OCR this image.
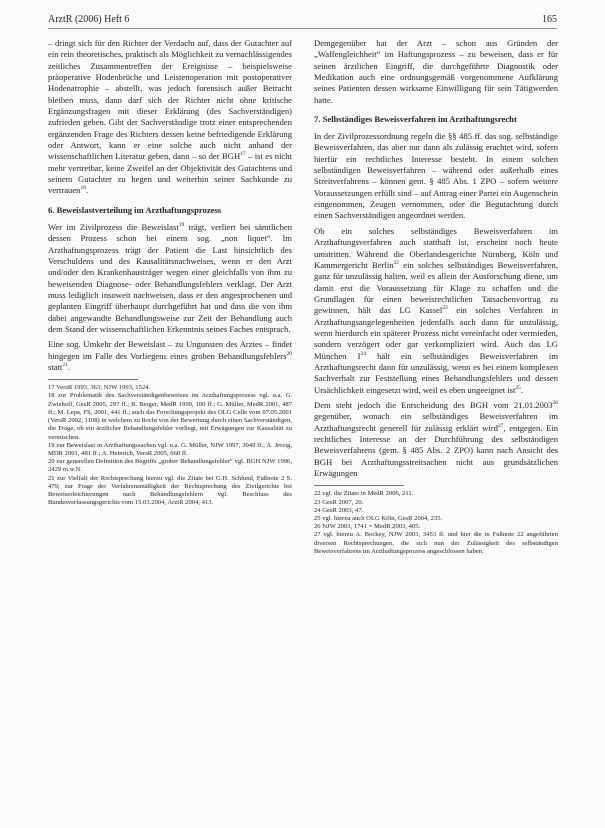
ArztR (2006) Heft 6	165

– dringt sich für den Richter der Verdacht auf, dass der Gutachter auf ein rein theoretisches, praktisch als Möglichkeit zu vernachlässigendes zeitliches Zusammentreffen der Ereignisse – beispielsweise präoperative Hodenbrüche und Leistenoperation mit postoperativer Hodenatrophie – abstellt, was jedoch forensisch außer Betracht bleiben muss, dann darf sich der Richter nicht ohne kritische Ergänzungsfragen mit dieser Erklärung (des Sachverständigen) zufrieden geben. Gibt der Sachverständige trotz einer entsprechenden ergänzenden Frage des Richters dessen keine befriedigende Erklärung oder Antwort, kann er eine solche auch nicht anhand der wissenschaftlichen Literatur geben, dann – so der BGH$^{17}$ – ist es nicht mehr vertretbar, keine Zweifel an der Objektivität des Gutachtens und seinem Gutachter zu hegen und weiterhin seiner Sachkunde zu vertrauen$^{18}$.

6. Beweislastverteilung im Arzthaftungsprozess

Wer im Zivilprozess die Beweislast$^{19}$ trägt, verliert bei sämtlichen dessen Prozess schon bei einem sog. „non liquet“. Im Arzthaftungsprozess trägt der Patient die Last hinsichtlich des Verschuldens und des Kausalitätsnachweises, wenn er den Arzt und/oder den Krankenhausträger wegen einer gleichfalls von ihm zu beweisenden Diagnose- oder Behandlungsfehlers verklagt. Der Arzt muss lediglich insoweit nachweisen, dass er den angesprochenen und geplanten Eingriff überhaupt durchgeführt hat und dass die von ihm dabei angewandte Behandlungsweise zur Zeit der Behandlung auch dem Stand der wissenschaftlichen Erkenntnis seines Faches entsprach.

Eine sog. Umkehr der Beweislast – zu Ungunsten des Arztes – findet hingegen im Falle des Vorliegens eines groben Behandlungsfehlers$^{20}$ statt$^{21}$.

17 VersR 1993, 363; NJW 1993, 1524.

18 zur Problematik des Sachverständigenbeweises im Arzthaftungsprozess vgl. u.a. G. Zwiehoff, GesR 2005, 297 ff.; B. Berger, MedR 1999, 100 ff.; G. Müller, MedR 2001, 487 ff.; M. Lepa, FS, 2001, 441 ff.; auch das Forschungsprojekt des OLG Celle vom 07.05.2001 (VersR 2002, 1108) in welchem zu Recht von der Bewertung durch einen Sachverständigen, die Frage, ob ein ärztlicher Behandlungsfehler vorliegt, mit Erwägungen zur Kausalität zu vermischen.

19 zur Beweislast in Arzthaftungssachen vgl. u.a. G. Müller, NJW 1997, 3049 ff.; A. Jerzig, MDR 2001, 481 ff.; A. Heinrich, VersR 2005, 660 ff.

20 zur generellen Definition des Begriffs „grober Behandlungsfehler“ vgl. BGH NJW 1996, 2429 m.w.N.

21 zur Vielfalt der Rechtsprechung hierzu vgl. die Zitate bei G.H. Schlund, Fußnote 2 S. 479; zur Frage der Verfahrensmäßigkeit der Rechtsprechung des Zivilgerichts bei Beweiserleichterungen nach Behandlungsfehlern vgl. Beschluss des Bundesverfassungsgerichts vom 15.03.2004, ArztR 2004, 413.

Demgegenüber hat der Arzt – schon aus Gründen der „Waffengleichheit“ im Haftungsprozess – zu beweisen, dass er für seinen ärztlichen Eingriff, die durchgeführte Diagnostik oder Medikation auch eine ordnungsgemäß vorgenommene Aufklärung seines Patienten dessen wirksame Einwilligung für sein Tätigwerden hatte.

7. Selbständiges Beweisverfahren im Arzthaftungsrecht

In der Zivilprozessordnung regeln die §§ 485 ff. das sog. selbständige Beweisverfahren, das aber nur dann als zulässig erachtet wird, sofern hierfür ein rechtliches Interesse besteht. In einem solchen selbständigen Beweisverfahren – während oder außerhalb eines Streitverfahrens – können gem. § 485 Abs. 1 ZPO – sofern weitere Voraussetzungen erfüllt sind – auf Antrag einer Partei ein Augenschein eingenommen, Zeugen vernommen, oder die Begutachtung durch einen Sachverständigen angeordnet werden.

Ob ein solches selbständiges Beweisverfahren im Arzthaftungsverfahren auch statthaft ist, erscheint noch heute umstritten. Während die Oberlandesgerichte Nürnberg, Köln und Kammergericht Berlin$^{22}$ ein solches selbständiges Beweisverfahren, ganz für unzulässig halten, weil es allein der Ausforschung diene, um damit erst die Voraussetzung für Klage zu schaffen und die Grundlagen für einen beweisrechtlichen Tatsachenvortrag zu gewinnen, hält das LG Kassel$^{23}$ ein solches Verfahren in Arzthaftungsangelegenheiten jedenfalls auch dann für unzulässig, wenn hierdurch ein späterer Prozess nicht vereinfacht oder vermieden, sondern verzögert oder gar verkompliziert wird. Auch das LG München $I^{24}$ hält ein selbständiges Beweisverfahren im Arzthaftungsrecht dann für unzulässig, wenn es bei einem komplexen Sachverhalt zur Feststellung eines Behandlungsfehlers und dessen Ursächlichkeit eingesetzt wird, weil es eben ungeeignet ist$^{25}$.

Dem steht jedoch die Entscheidung des BGH vom 21.01.2003$^{26}$ gegenüber, wonach ein selbständiges Beweisverfahren im Arzthaftungsrecht generell für zulässig erklärt wird$^{27}$, entgegen. Ein rechtliches Interesse an der Durchführung des selbständigen Beweisverfahrens (gem. § 485 Abs. 2 ZPO) kann nach Ansicht des BGH bei Arzthaftungsstreitsachen nicht aus grundsätzlichen Erwägungen

22 vgl. die Zitate in MedR 2006, 211.

23 GesR 2007, 20.

24 GesR 2003, 47.

25 vgl. hierzu auch OLG Köln, GesR 2004, 235.

26 NJW 2003, 1741 = MedR 2003, 405.

27 vgl. hierzu A. Bockey, NJW 2003, 3453 ff. und hier die in Fußnote 22 angeführten diversen Rechtsprechungen, die sich nun der Zulässigkeit des selbständigen Beweisverfahrens im Arzthaftungsprozess angeschlossen haben.
